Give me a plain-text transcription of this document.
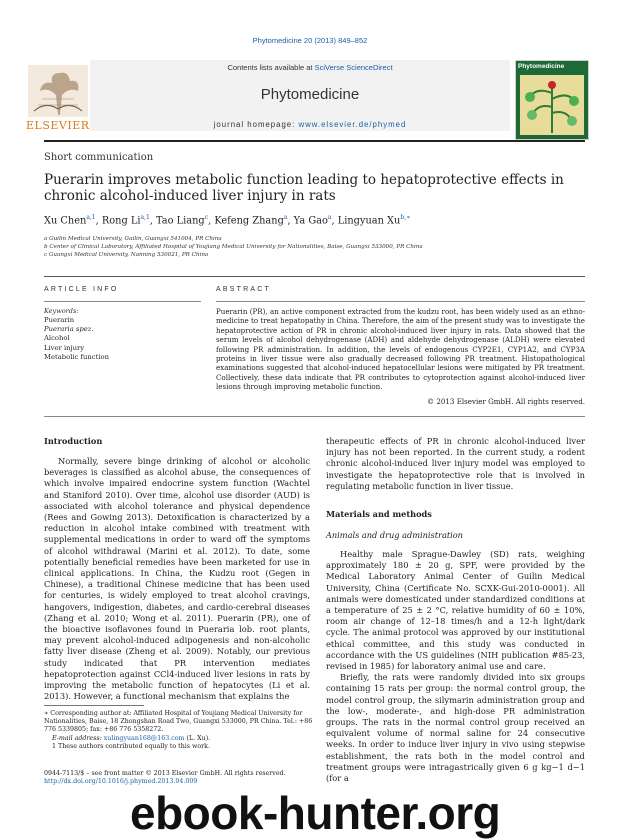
Phytomedicine 20 (2013) 849–852
Contents lists available at SciVerse ScienceDirect
Phytomedicine
journal homepage: www.elsevier.de/phymed
ELSEVIER
Phytomedicine
Short communication
Puerarin improves metabolic function leading to hepatoprotective effects in chronic alcohol-induced liver injury in rats
Xu Chen$^{a,1}$, Rong Li$^{a,1}$, Tao Liang$^c$, Kefeng Zhang$^a$, Ya Gao$^a$, Lingyuan $Xu^{b,∗}$
a Guilin Medical University, Guilin, Guangxi 541004, PR China
b Center of Clinical Laboratory, Affiliated Hospital of Youjiang Medical University for Nationalities, Baise, Guangxi 533000, PR China
c Guangxi Medical University, Nanning 530021, PR China
ARTICLE INFO	ABSTRACT
Keywords:
Puerarin
Pueraria spez.
Alcohol
Liver injury
Metabolic function
Puerarin (PR), an active component extracted from the kudzu root, has been widely used as an ethno-medicine to treat hepatopathy in China. Therefore, the aim of the present study was to investigate the hepatoprotective action of PR in chronic alcohol-induced liver injury in rats. Data showed that the serum levels of alcohol dehydrogenase (ADH) and aldehyde dehydrogenase (ALDH) were elevated following PR administration. In addition, the levels of endogenous CYP2E1, CYP1A2, and CYP3A proteins in liver tissue were also gradually decreased following PR treatment. Histopathological examinations suggested that alcohol-induced hepatocellular lesions were mitigated by PR treatment. Collectively, these data indicate that PR contributes to cytoprotection against alcohol-induced liver lesions through improving metabolic function.
© 2013 Elsevier GmbH. All rights reserved.
Introduction

Normally, severe binge drinking of alcohol or alcoholic beverages is classified as alcohol abuse, the consequences of which involve impaired endocrine system function (Wachtel and Staniford 2010). Over time, alcohol use disorder (AUD) is associated with alcohol tolerance and physical dependence (Rees and Gowing 2013). Detoxification is characterized by a reduction in alcohol intake combined with treatment with supplemental medications in order to ward off the symptoms of alcohol withdrawal (Marini et al. 2012). To date, some potentially beneficial remedies have been marketed for use in clinical applications. In China, the Kudzu root (Gegen in Chinese), a traditional Chinese medicine that has been used for centuries, is widely employed to treat alcohol cravings, hangovers, indigestion, diabetes, and cardio-cerebral diseases (Zhang et al. 2010; Wong et al. 2011). Puerarin (PR), one of the bioactive isoflavones found in Pueraria lob. root plants, may prevent alcohol-induced adipogenesis and non-alcoholic fatty liver disease (Zheng et al. 2009). Notably, our previous study indicated that PR intervention mediates hepatoprotection against CCl4-induced liver lesions in rats by improving the metabolic function of hepatocytes (Li et al. 2013). However, a functional mechanism that explains the

therapeutic effects of PR in chronic alcohol-induced liver injury has not been reported. In the current study, a rodent chronic alcohol-induced liver injury model was employed to investigate the hepatoprotective role that is involved in regulating metabolic function in liver tissue.

Materials and methods
Animals and drug administration

Healthy male Sprague-Dawley (SD) rats, weighing approximately 180 ± 20 g, SPF, were provided by the Medical Laboratory Animal Center of Guilin Medical University, China (Certificate No. SCXK-Gui-2010-0001). All animals were domesticated under standardized conditions at a temperature of 25 ± 2 °C, relative humidity of 60 ± 10%, room air change of 12–18 times/h and a 12-h light/dark cycle. The animal protocol was approved by our institutional ethical committee, and this study was conducted in accordance with the US guidelines (NIH publication #85-23, revised in 1985) for laboratory animal use and care.

Briefly, the rats were randomly divided into six groups containing 15 rats per group: the normal control group, the model control group, the silymarin administration group and the low-, moderate-, and high-dose PR administration groups. The rats in the normal control group received an equivalent volume of normal saline for 24 consecutive weeks. In order to induce liver injury in vivo using stepwise establishment, the rats both in the model control and treatment groups were intragastrically given 6 g kg−1 d−1 (for a

∗ Corresponding author at: Affiliated Hospital of Youjiang Medical University for Nationalities, Baise, 18 Zhongshan Road Two, Guangxi 533000, PR China. Tel.: +86 776 5339805; fax: +86 776 5358272.
E-mail address: xulingyuan168@163.com (L. Xu).
1 These authors contributed equally to this work.
0944-7113/$ – see front matter © 2013 Elsevier GmbH. All rights reserved.
http://dx.doi.org/10.1016/j.phymed.2013.04.009
ebook-hunter.org
